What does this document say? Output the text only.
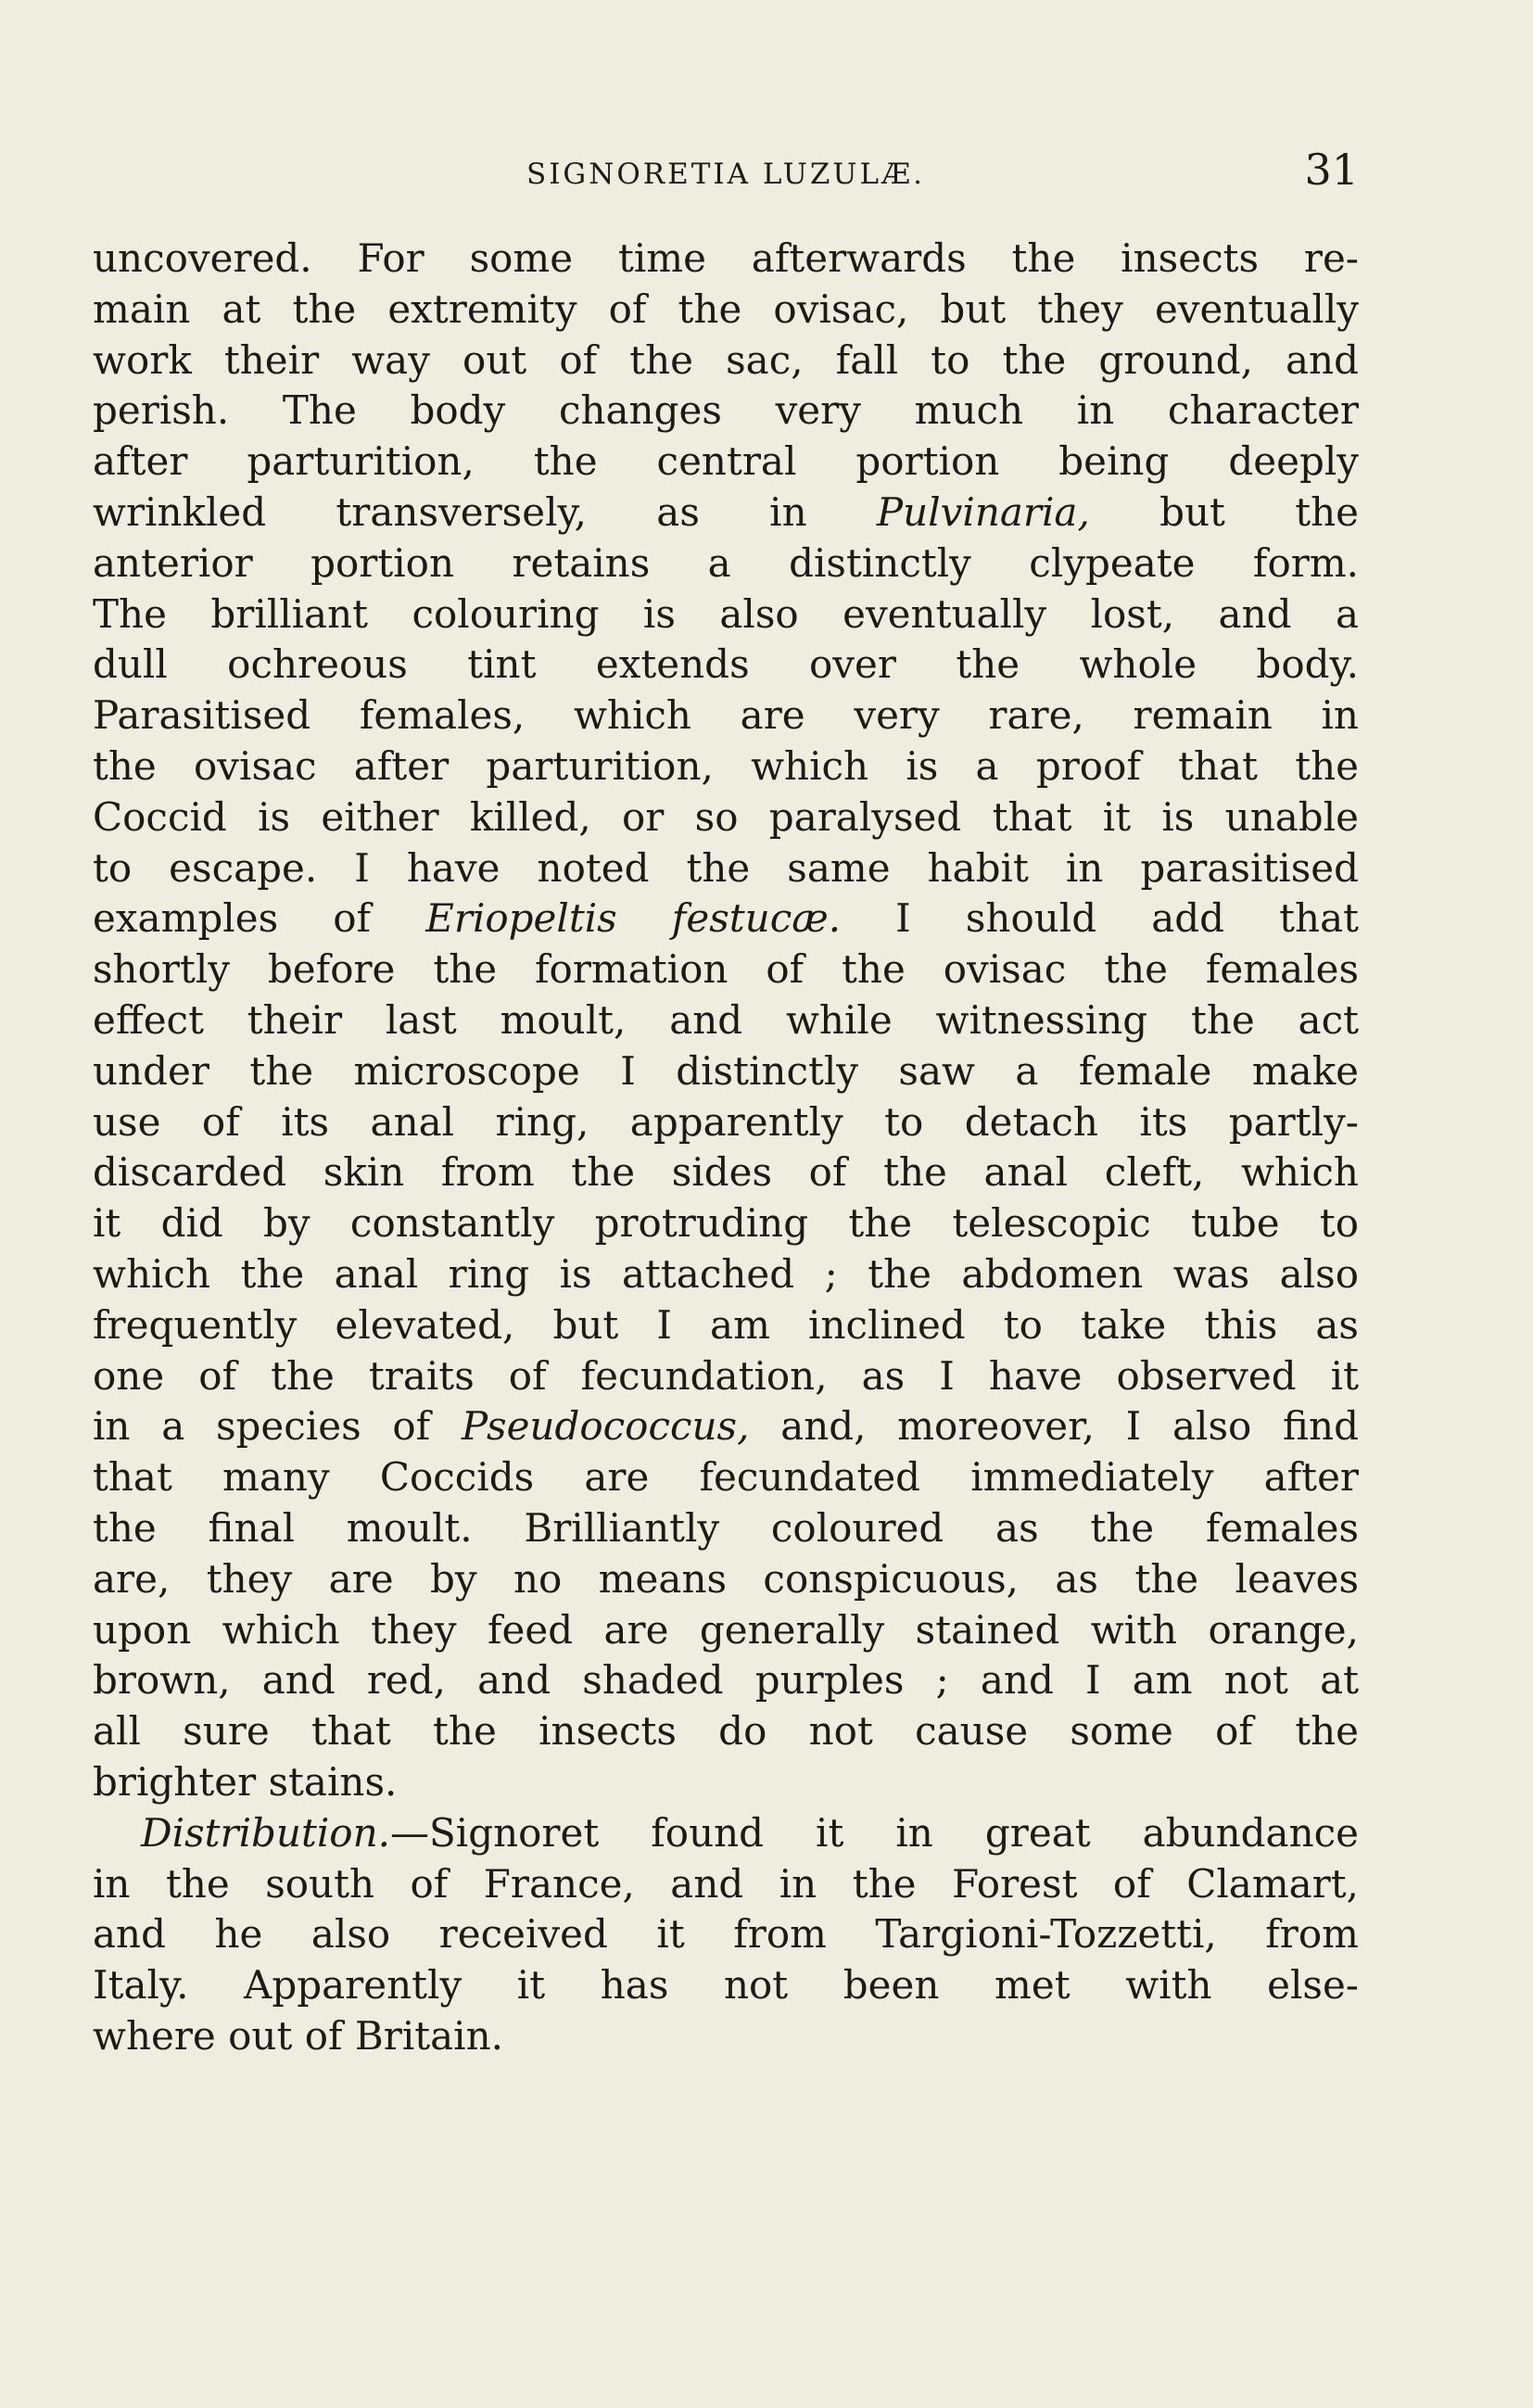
SIGNORETIA LUZULÆ.	31
uncovered. For some time afterwards the insects re-
main at the extremity of the ovisac, but they eventually
work their way out of the sac, fall to the ground, and
perish. The body changes very much in character
after parturition, the central portion being deeply
wrinkled transversely, as in Pulvinaria, but the
anterior portion retains a distinctly clypeate form.
The brilliant colouring is also eventually lost, and a
dull ochreous tint extends over the whole body.
Parasitised females, which are very rare, remain in
the ovisac after parturition, which is a proof that the
Coccid is either killed, or so paralysed that it is unable
to escape. I have noted the same habit in parasitised
examples of Eriopeltis festucæ. I should add that
shortly before the formation of the ovisac the females
effect their last moult, and while witnessing the act
under the microscope I distinctly saw a female make
use of its anal ring, apparently to detach its partly-
discarded skin from the sides of the anal cleft, which
it did by constantly protruding the telescopic tube to
which the anal ring is attached ; the abdomen was also
frequently elevated, but I am inclined to take this as
one of the traits of fecundation, as I have observed it
in a species of Pseudococcus, and, moreover, I also find
that many Coccids are fecundated immediately after
the final moult. Brilliantly coloured as the females
are, they are by no means conspicuous, as the leaves
upon which they feed are generally stained with orange,
brown, and red, and shaded purples ; and I am not at
all sure that the insects do not cause some of the
brighter stains.
Distribution.—Signoret found it in great abundance
in the south of France, and in the Forest of Clamart,
and he also received it from Targioni-Tozzetti, from
Italy. Apparently it has not been met with else-
where out of Britain.
